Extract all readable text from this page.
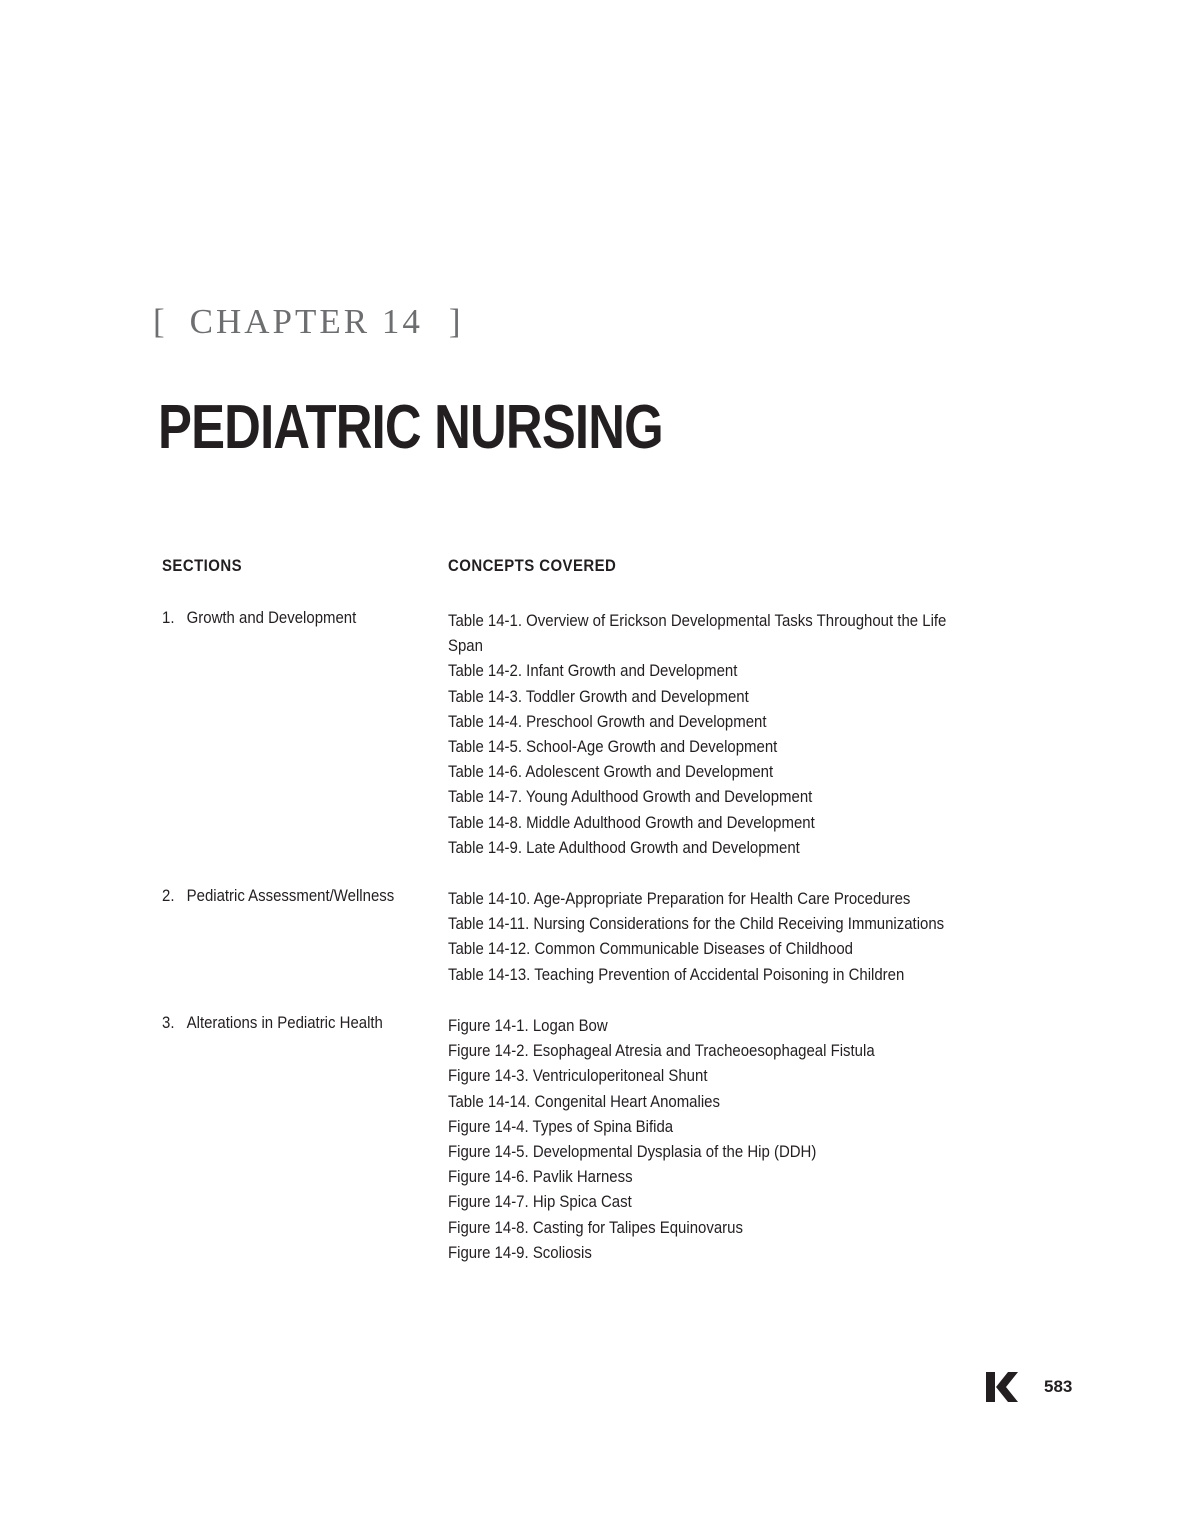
[ CHAPTER 14 ]
PEDIATRIC NURSING
SECTIONS	CONCEPTS COVERED
1. Growth and Development	Table 14-1. Overview of Erickson Developmental Tasks Throughout the Life Span
Table 14-2. Infant Growth and Development
Table 14-3. Toddler Growth and Development
Table 14-4. Preschool Growth and Development
Table 14-5. School-Age Growth and Development
Table 14-6. Adolescent Growth and Development
Table 14-7. Young Adulthood Growth and Development
Table 14-8. Middle Adulthood Growth and Development
Table 14-9. Late Adulthood Growth and Development
2. Pediatric Assessment/Wellness	Table 14-10. Age-Appropriate Preparation for Health Care Procedures
Table 14-11. Nursing Considerations for the Child Receiving Immunizations
Table 14-12. Common Communicable Diseases of Childhood
Table 14-13. Teaching Prevention of Accidental Poisoning in Children
3. Alterations in Pediatric Health	Figure 14-1. Logan Bow
Figure 14-2. Esophageal Atresia and Tracheoesophageal Fistula
Figure 14-3. Ventriculoperitoneal Shunt
Table 14-14. Congenital Heart Anomalies
Figure 14-4. Types of Spina Bifida
Figure 14-5. Developmental Dysplasia of the Hip (DDH)
Figure 14-6. Pavlik Harness
Figure 14-7. Hip Spica Cast
Figure 14-8. Casting for Talipes Equinovarus
Figure 14-9. Scoliosis
583
